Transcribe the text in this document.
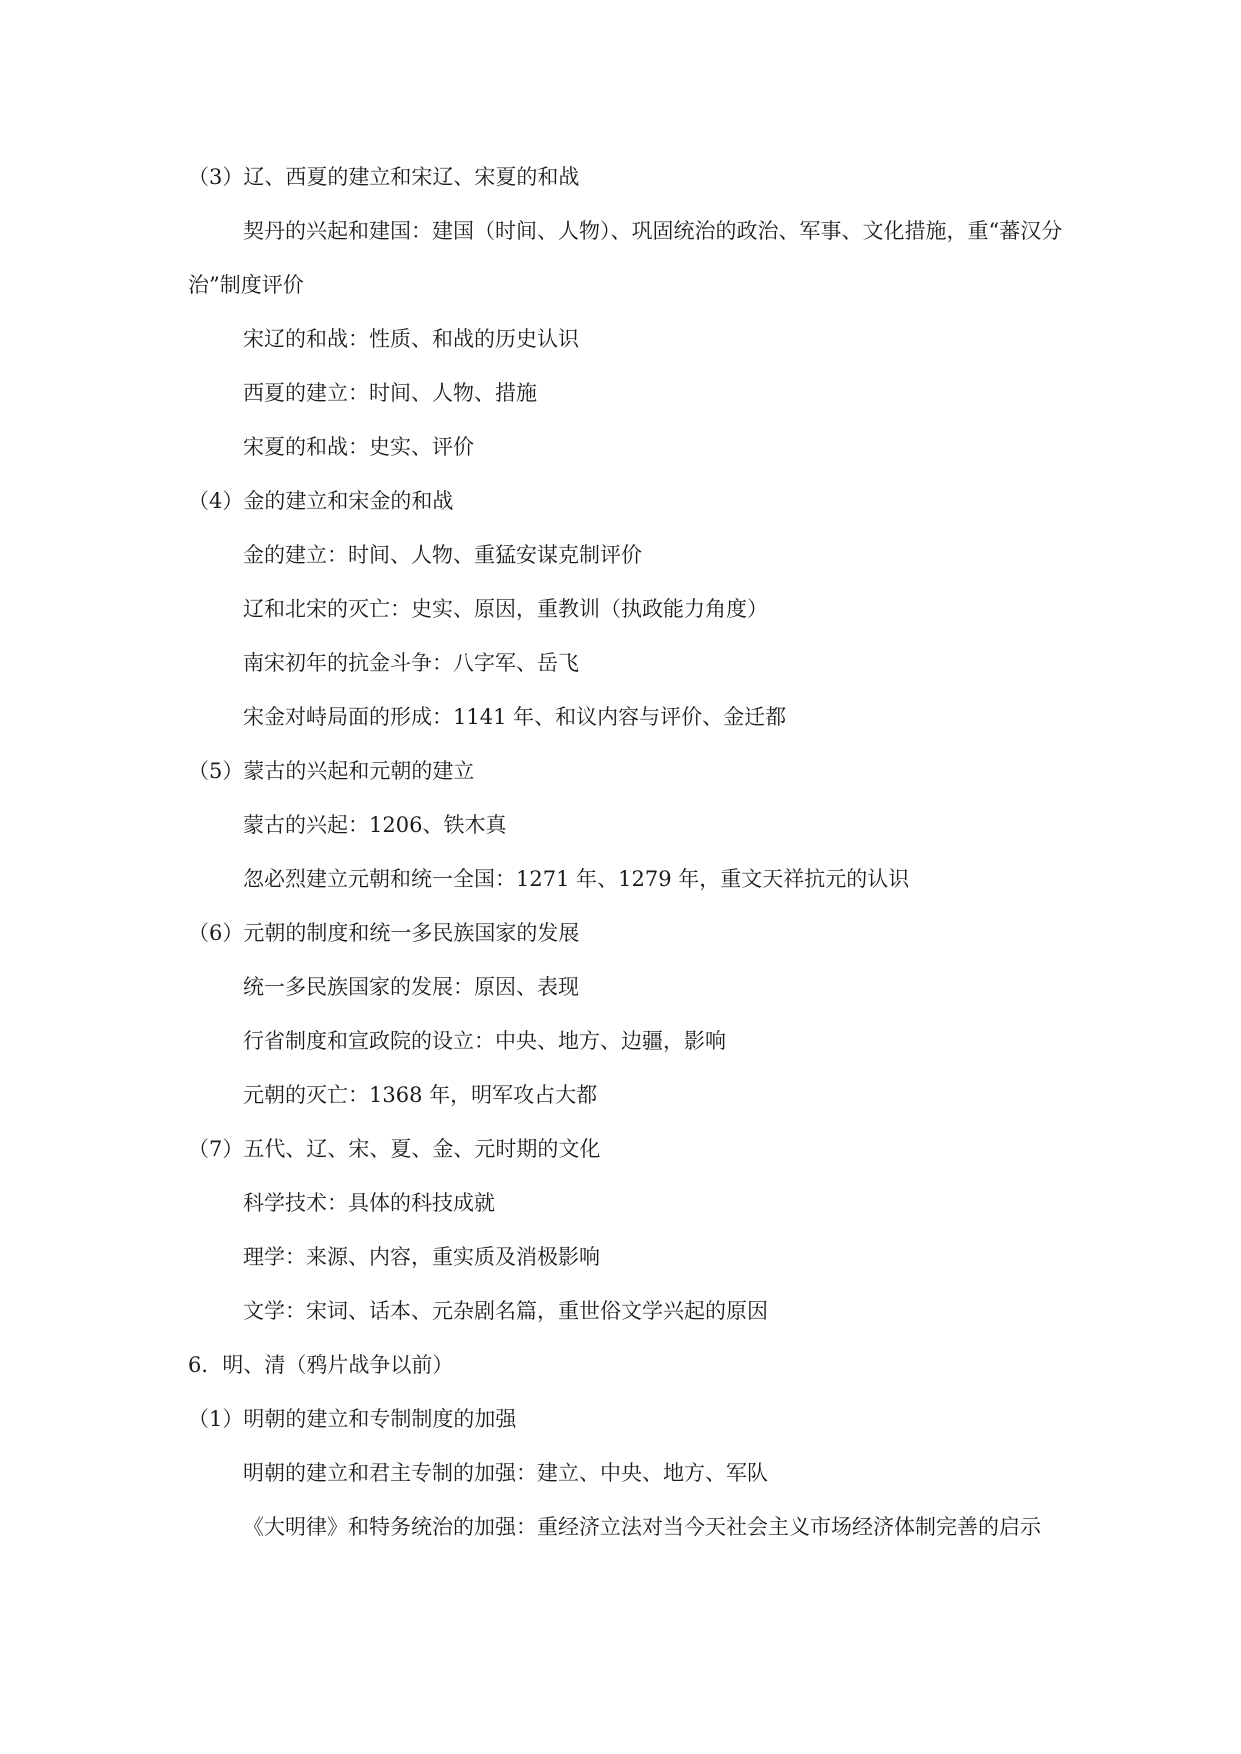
（3）辽、西夏的建立和宋辽、宋夏的和战
契丹的兴起和建国：建国（时间、人物）、巩固统治的政治、军事、文化措施，重“蕃汉分治”制度评价
宋辽的和战：性质、和战的历史认识
西夏的建立：时间、人物、措施
宋夏的和战：史实、评价
（4）金的建立和宋金的和战
金的建立：时间、人物、重猛安谋克制评价
辽和北宋的灭亡：史实、原因，重教训（执政能力角度）
南宋初年的抗金斗争：八字军、岳飞
宋金对峙局面的形成：1141 年、和议内容与评价、金迁都
（5）蒙古的兴起和元朝的建立
蒙古的兴起：1206、铁木真
忽必烈建立元朝和统一全国：1271 年、1279 年，重文天祥抗元的认识
（6）元朝的制度和统一多民族国家的发展
统一多民族国家的发展：原因、表现
行省制度和宣政院的设立：中央、地方、边疆，影响
元朝的灭亡：1368 年，明军攻占大都
（7）五代、辽、宋、夏、金、元时期的文化
科学技术：具体的科技成就
理学：来源、内容，重实质及消极影响
文学：宋词、话本、元杂剧名篇，重世俗文学兴起的原因
6．明、清（鸦片战争以前）
（1）明朝的建立和专制制度的加强
明朝的建立和君主专制的加强：建立、中央、地方、军队
《大明律》和特务统治的加强：重经济立法对当今天社会主义市场经济体制完善的启示
